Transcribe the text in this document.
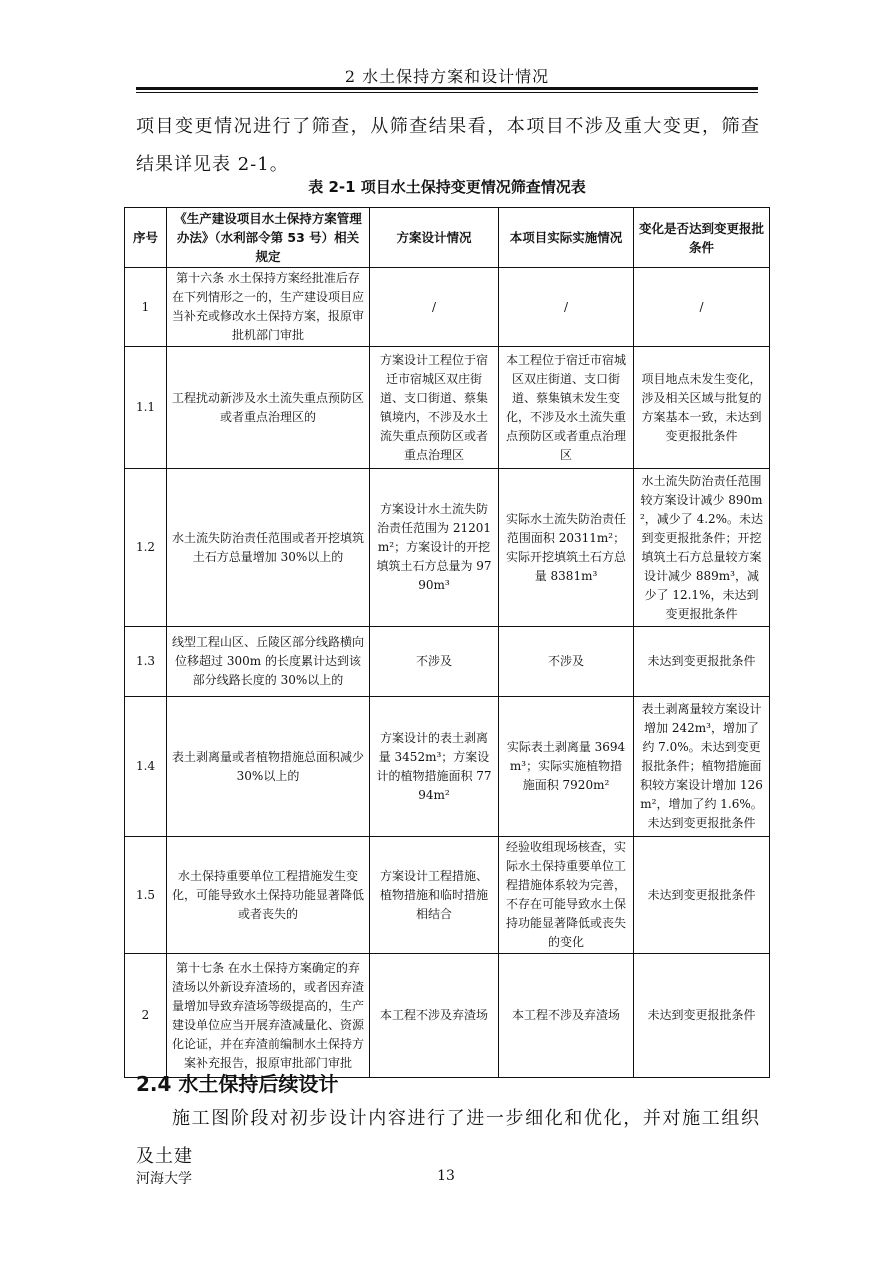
2 水土保持方案和设计情况
项目变更情况进行了筛查，从筛查结果看，本项目不涉及重大变更，筛查结果详见表 2-1。
表 2-1 项目水土保持变更情况筛查情况表
序号	《生产建设项目水土保持方案管理办法》（水利部令第 53 号）相关规定	方案设计情况	本项目实际实施情况	变化是否达到变更报批条件
1	第十六条 水土保持方案经批准后存在下列情形之一的，生产建设项目应当补充或修改水土保持方案，报原审批机部门审批	/	/	/
1.1	工程扰动新涉及水土流失重点预防区或者重点治理区的	方案设计工程位于宿迁市宿城区双庄街道、支口街道、蔡集镇境内，不涉及水土流失重点预防区或者重点治理区	本工程位于宿迁市宿城区双庄街道、支口街道、蔡集镇未发生变化，不涉及水土流失重点预防区或者重点治理区	项目地点未发生变化，涉及相关区域与批复的方案基本一致，未达到变更报批条件
1.2	水土流失防治责任范围或者开挖填筑土石方总量增加 30%以上的	方案设计水土流失防治责任范围为 21201m²；方案设计的开挖填筑土石方总量为 9790m³	实际水土流失防治责任范围面积 20311m²；实际开挖填筑土石方总量 8381m³	水土流失防治责任范围较方案设计减少 890m²，减少了 4.2%。未达到变更报批条件；开挖填筑土石方总量较方案设计减少 889m³，减少了 12.1%，未达到变更报批条件
1.3	线型工程山区、丘陵区部分线路横向位移超过 300m 的长度累计达到该部分线路长度的 30%以上的	不涉及	不涉及	未达到变更报批条件
1.4	表土剥离量或者植物措施总面积减少 30%以上的	方案设计的表土剥离量 3452m³；方案设计的植物措施面积 7794m²	实际表土剥离量 3694m³；实际实施植物措施面积 7920m²	表土剥离量较方案设计增加 242m³，增加了约 7.0%。未达到变更报批条件；植物措施面积较方案设计增加 126m²，增加了约 1.6%。未达到变更报批条件
1.5	水土保持重要单位工程措施发生变化，可能导致水土保持功能显著降低或者丧失的	方案设计工程措施、植物措施和临时措施相结合	经验收组现场核查，实际水土保持重要单位工程措施体系较为完善，不存在可能导致水土保持功能显著降低或丧失的变化	未达到变更报批条件
2	第十七条 在水土保持方案确定的弃渣场以外新设弃渣场的，或者因弃渣量增加导致弃渣场等级提高的，生产建设单位应当开展弃渣减量化、资源化论证，并在弃渣前编制水土保持方案补充报告，报原审批部门审批	本工程不涉及弃渣场	本工程不涉及弃渣场	未达到变更报批条件
2.4 水土保持后续设计
施工图阶段对初步设计内容进行了进一步细化和优化，并对施工组织及土建
河海大学	13
